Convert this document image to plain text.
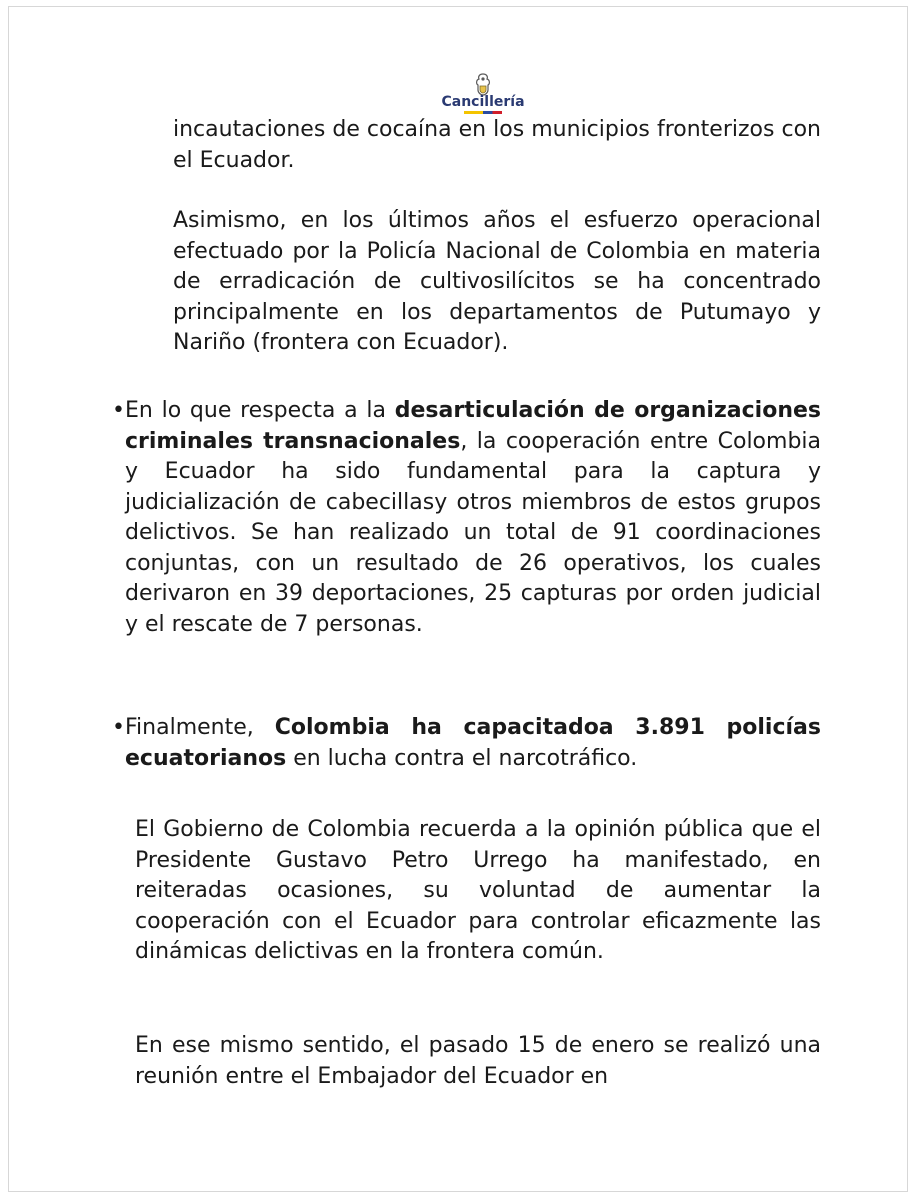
Cancillería

incautaciones de cocaína en los municipios fronterizos con el Ecuador.

Asimismo, en los últimos años el esfuerzo operacional efectuado por la Policía Nacional de Colombia en materia de erradicación de cultivosilícitos se ha concentrado principalmente en los departamentos de Putumayo y Nariño (frontera con Ecuador).

• En lo que respecta a la desarticulación de organizaciones criminales transnacionales, la cooperación entre Colombia y Ecuador ha sido fundamental para la captura y judicialización de cabecillasy otros miembros de estos grupos delictivos. Se han realizado un total de 91 coordinaciones conjuntas, con un resultado de 26 operativos, los cuales derivaron en 39 deportaciones, 25 capturas por orden judicial y el rescate de 7 personas.

• Finalmente, Colombia ha capacitadoa 3.891 policías ecuatorianos en lucha contra el narcotráfico.

El Gobierno de Colombia recuerda a la opinión pública que el Presidente Gustavo Petro Urrego ha manifestado, en reiteradas ocasiones, su voluntad de aumentar la cooperación con el Ecuador para controlar eficazmente las dinámicas delictivas en la frontera común.

En ese mismo sentido, el pasado 15 de enero se realizó una reunión entre el Embajador del Ecuador en
